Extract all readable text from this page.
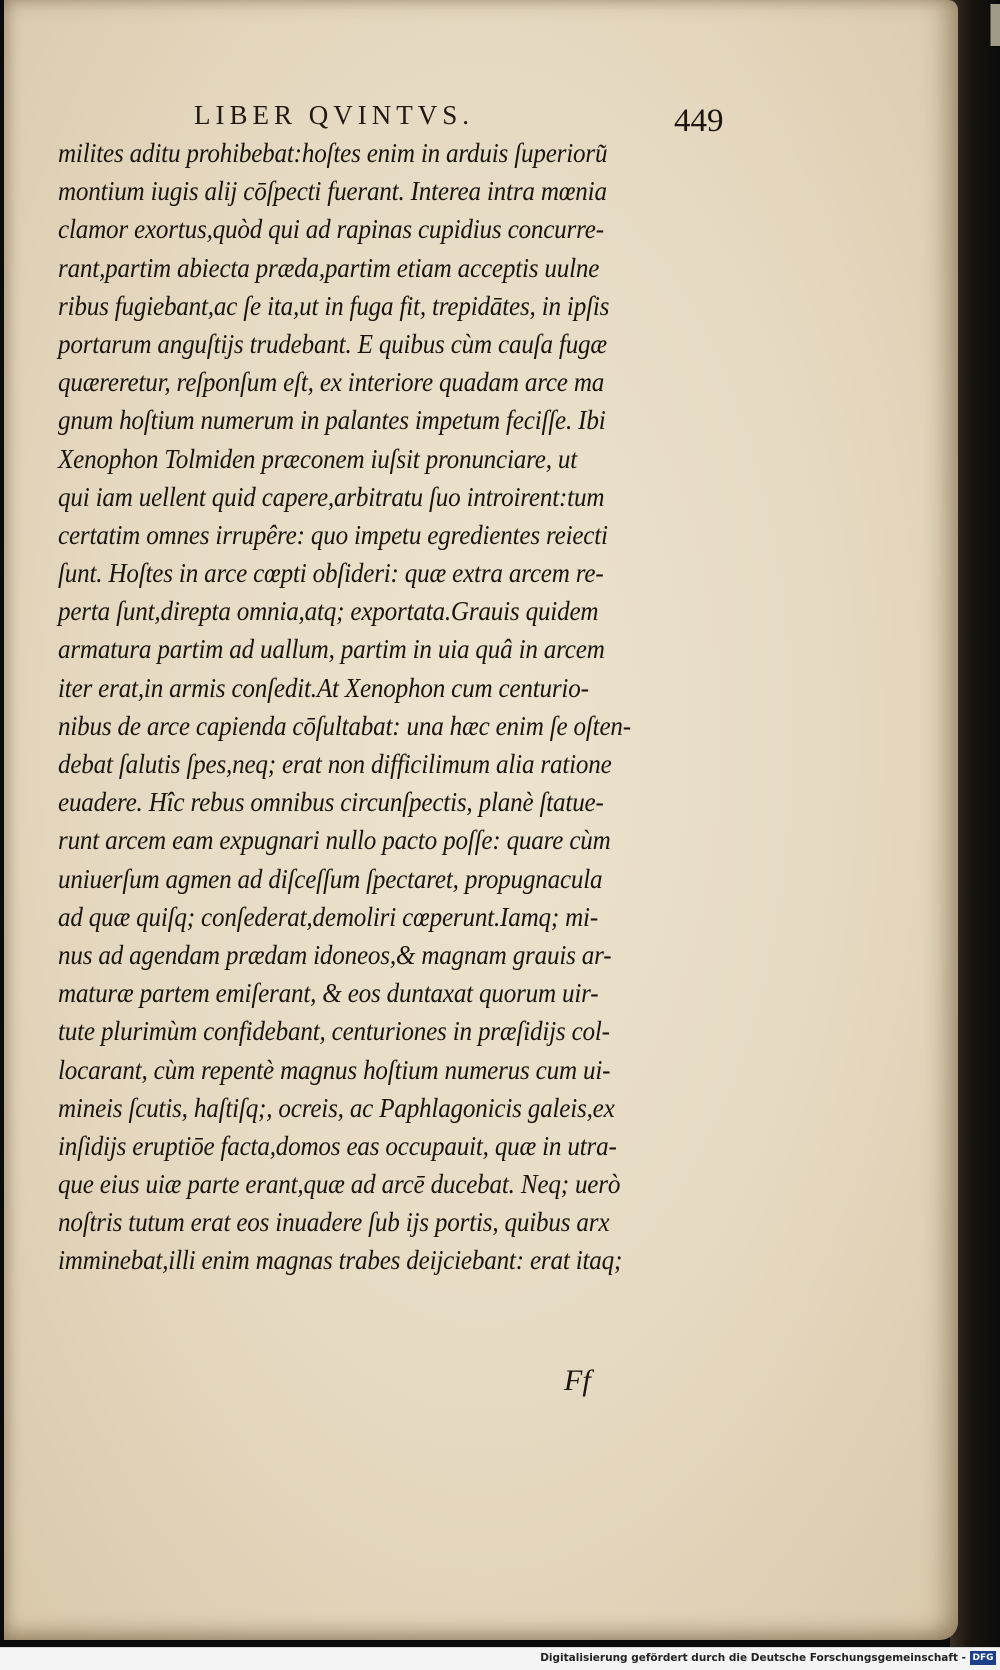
LIBER QVINTVS.	449
milites aditu prohibebat:hoſtes enim in arduis ſuperioru͂
montium iugis alij cōſpecti fuerant. Interea intra mœnia
clamor exortus,quòd qui ad rapinas cupidius concurre-
rant,partim abiecta præda,partim etiam acceptis uulne
ribus fugiebant,ac ſe ita,ut in fuga fit, trepidātes, in ipſis
portarum anguſtijs trudebant. E quibus cùm cauſa fugæ
quæreretur, reſponſum eſt, ex interiore quadam arce ma
gnum hoſtium numerum in palantes impetum feciſſe. Ibi
Xenophon Tolmiden præconem iuſsit pronunciare, ut
qui iam uellent quid capere,arbitratu ſuo introirent:tum
certatim omnes irrupêre: quo impetu egredientes reiecti
ſunt. Hoſtes in arce cœpti obſideri: quæ extra arcem re-
perta ſunt,direpta omnia,atq; exportata.Grauis quidem
armatura partim ad uallum, partim in uia quâ in arcem
iter erat,in armis conſedit.At Xenophon cum centurio-
nibus de arce capienda cōſultabat: una hæc enim ſe oſten-
debat ſalutis ſpes,neq; erat non difficilimum alia ratione
euadere. Hîc rebus omnibus circunſpectis, planè ſtatue-
runt arcem eam expugnari nullo pacto poſſe: quare cùm
uniuerſum agmen ad diſceſſum ſpectaret, propugnacula
ad quæ quiſq; conſederat,demoliri cœperunt.Iamq; mi-
nus ad agendam prædam idoneos,& magnam grauis ar-
maturæ partem emiſerant, & eos duntaxat quorum uir-
tute plurimùm confidebant, centuriones in præſidijs col-
locarant, cùm repentè magnus hoſtium numerus cum ui-
mineis ſcutis, haſtiſq;, ocreis, ac Paphlagonicis galeis,ex
inſidijs eruptiōe facta,domos eas occupauit, quæ in utra-
que eius uiæ parte erant,quæ ad arcē ducebat. Neq; uerò
noſtris tutum erat eos inuadere ſub ijs portis, quibus arx
imminebat,illi enim magnas trabes deijciebant: erat itaq;
Ff
Digitalisierung gefördert durch die Deutsche Forschungsgemeinschaft - DFG
